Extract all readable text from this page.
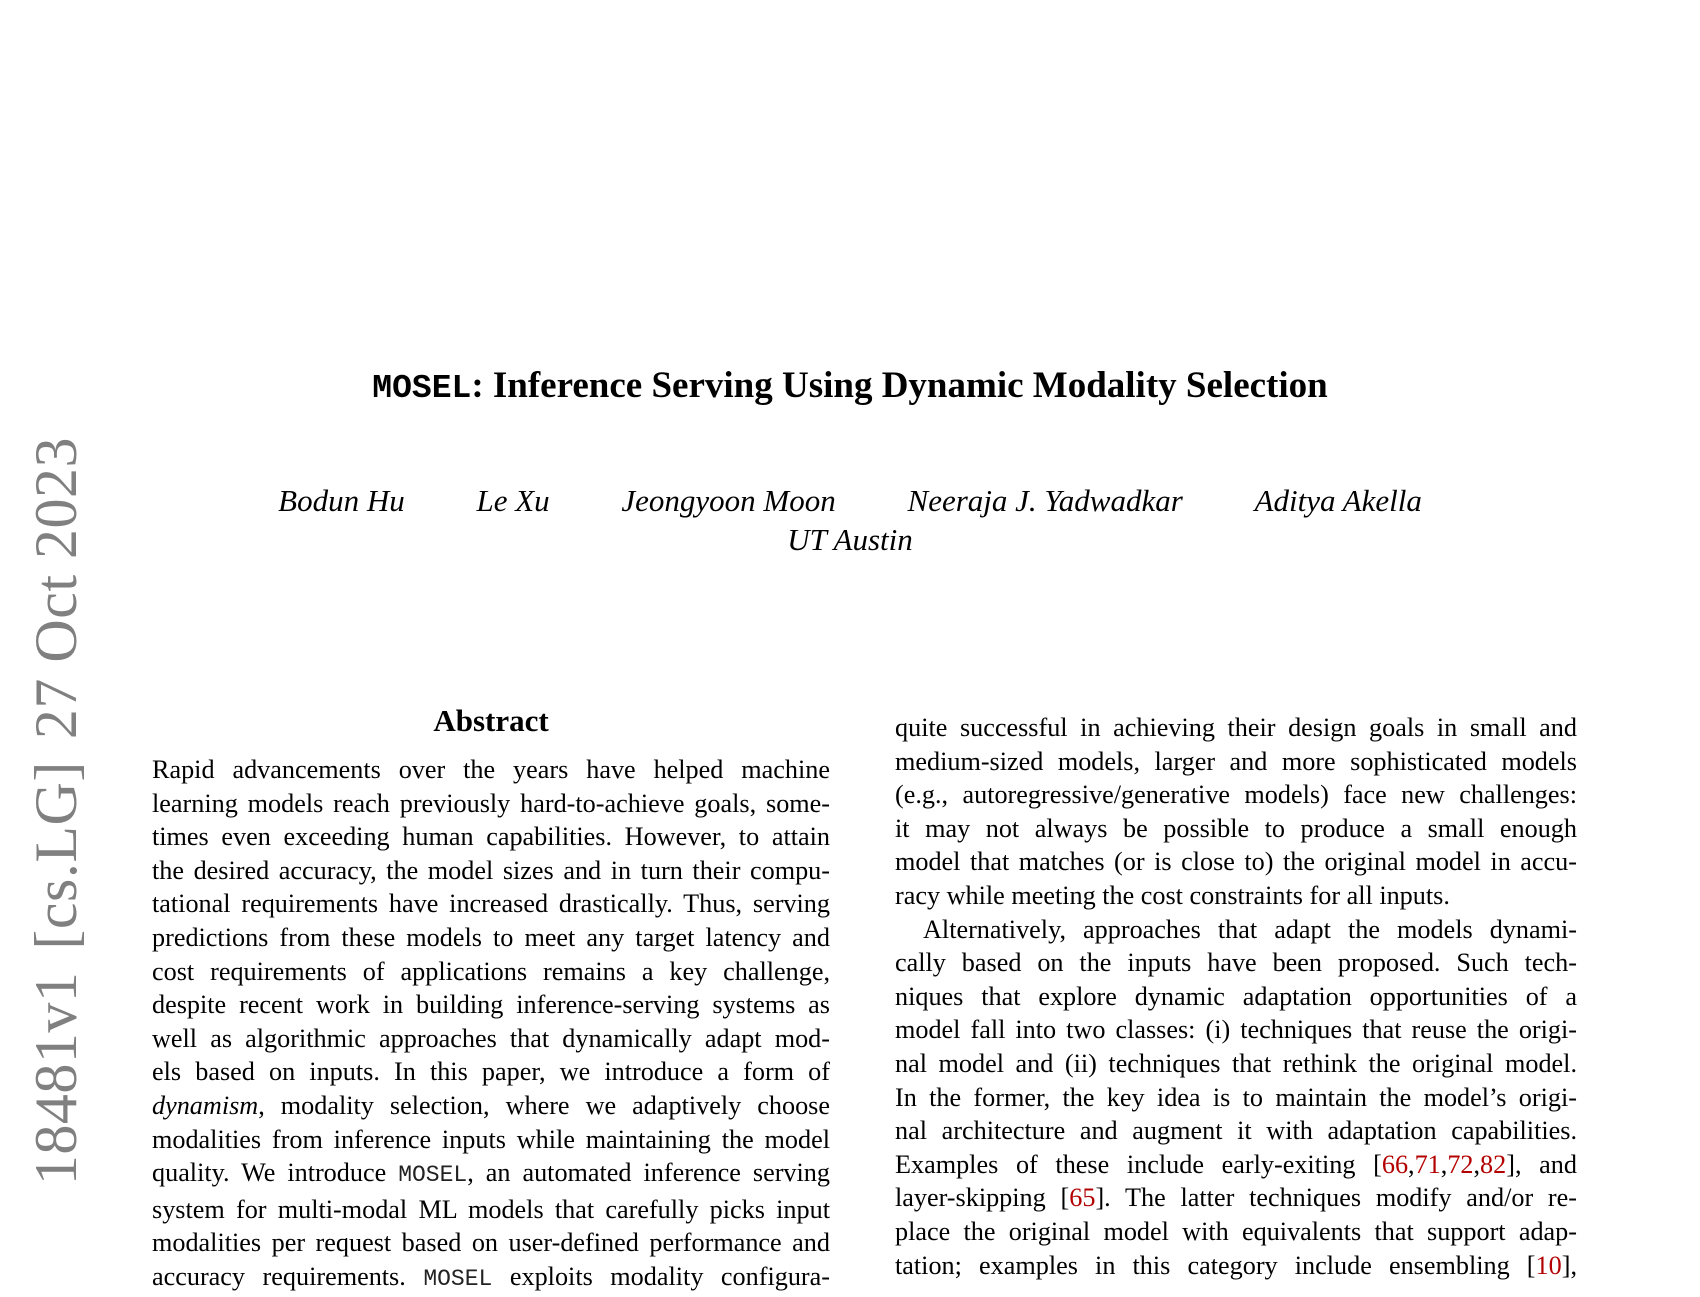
18481v1[cs.LG]27 Oct 2023
MOSEL: Inference Serving Using Dynamic Modality Selection
Bodun Hu Le Xu Jeongyoon Moon Neeraja J. Yadwadkar Aditya Akella
UT Austin
Abstract
Rapid advancements over the years have helped machine
learning models reach previously hard-to-achieve goals, some-
times even exceeding human capabilities. However, to attain
the desired accuracy, the model sizes and in turn their compu-
tational requirements have increased drastically. Thus, serving
predictions from these models to meet any target latency and
cost requirements of applications remains a key challenge,
despite recent work in building inference-serving systems as
well as algorithmic approaches that dynamically adapt mod-
els based on inputs. In this paper, we introduce a form of
dynamism, modality selection, where we adaptively choose
modalities from inference inputs while maintaining the model
quality. We introduce MOSEL, an automated inference serving
system for multi-modal ML models that carefully picks input
modalities per request based on user-defined performance and
accuracy requirements. MOSEL exploits modality configura-
quite successful in achieving their design goals in small and
medium-sized models, larger and more sophisticated models
(e.g., autoregressive/generative models) face new challenges:
it may not always be possible to produce a small enough
model that matches (or is close to) the original model in accu-
racy while meeting the cost constraints for all inputs.
Alternatively, approaches that adapt the models dynami-
cally based on the inputs have been proposed. Such tech-
niques that explore dynamic adaptation opportunities of a
model fall into two classes: (i) techniques that reuse the origi-
nal model and (ii) techniques that rethink the original model.
In the former, the key idea is to maintain the model’s origi-
nal architecture and augment it with adaptation capabilities.
Examples of these include early-exiting [66,71,72,82], and
layer-skipping [65]. The latter techniques modify and/or re-
place the original model with equivalents that support adap-
tation; examples in this category include ensembling [10],
